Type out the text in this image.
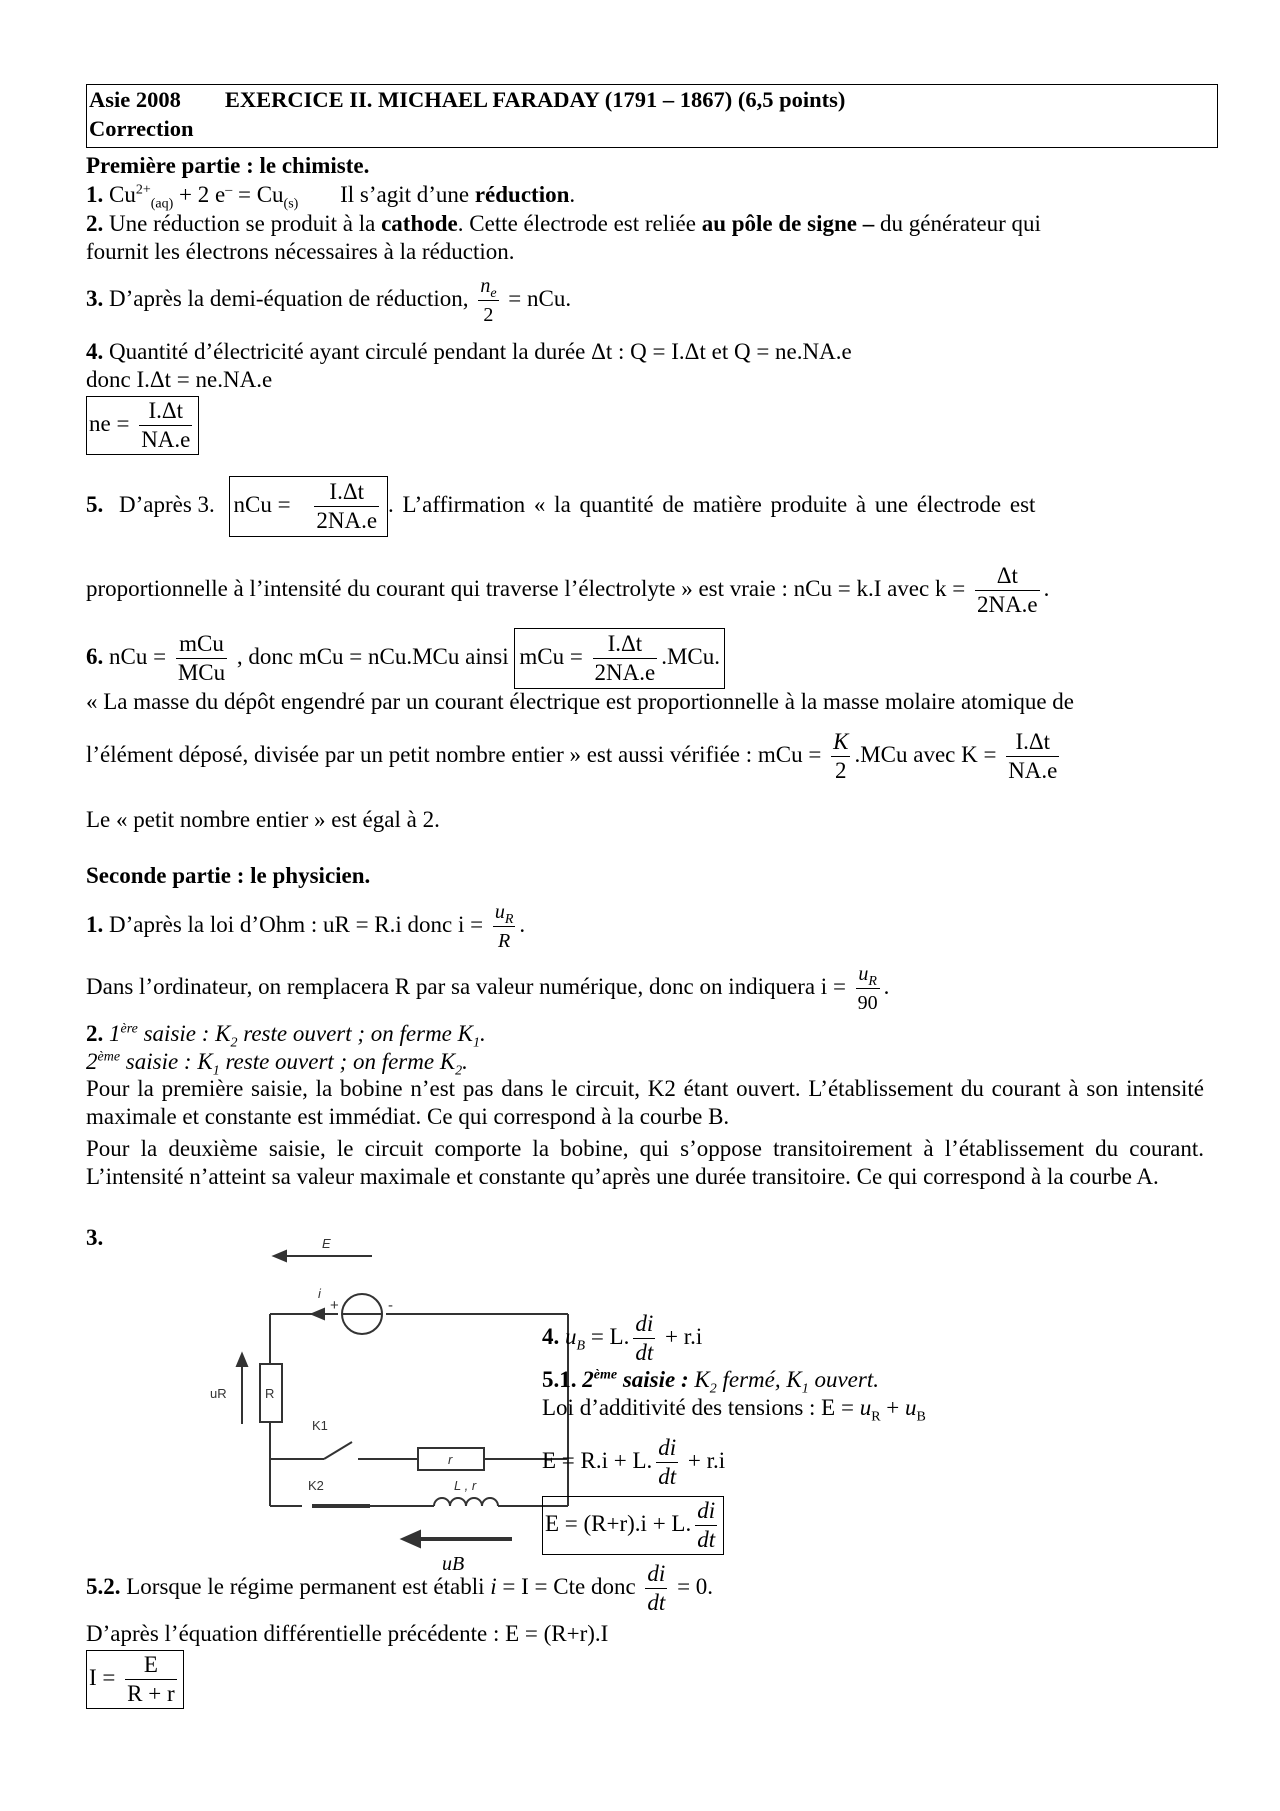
Asie 2008 EXERCICE II. MICHAEL FARADAY (1791 – 1867) (6,5 points)
Correction
Première partie : le chimiste.
1. $Cu^{2+}_{(aq)} + 2$ $e^- = Cu_{(s)}$ Il s’agit d’une réduction.
2. Une réduction se produit à la cathode. Cette électrode est reliée au pôle de signe – du générateur qui
fournit les électrons nécessaires à la réduction.
3. D’après la demi-équation de réduction, $\frac{n_e}{2}$ = nCu.
4. Quantité d’électricité ayant circulé pendant la durée Δt : Q = I.Δt et Q = ne.NA.e
donc I.Δt = ne.NA.e
ne = $\frac{I.\Delta t}{NA.e}$
5. D’après 3. nCu = $\frac{I.\Delta t}{2NA.e}$ . L’affirmation « la quantité de matière produite à une électrode est
proportionnelle à l’intensité du courant qui traverse l’électrolyte » est vraie : nCu = k.I avec $k = \frac{\Delta t}{2NA.e}$ .
6. nCu = $\frac{\text{mCu}}{\text{MCu}}$ , donc mCu = nCu.MCu ainsi mCu = $\frac{I.\Delta t}{2NA.e} .MCu$.
« La masse du dépôt engendré par un courant électrique est proportionnelle à la masse molaire atomique de
l’élément déposé, divisée par un petit nombre entier » est aussi vérifiée : mCu = $\frac{K}{2} .MCu$ avec $K = \frac{I.\Delta t}{NA.e}$
Le « petit nombre entier » est égal à 2.
Seconde partie : le physicien.
1. D’après la loi d’Ohm : uR = R.i donc $i = \frac{u_R}{R}$ .
Dans l’ordinateur, on remplacera R par sa valeur numérique, donc on indiquera $i = \frac{u_R}{90}$ .
2. 1ère saisie : $K_2$ reste ouvert ; on ferme $K_1$.
2ème saisie : $K_1$ reste ouvert ; on ferme $K_2$.
Pour la première saisie, la bobine n’est pas dans le circuit, K2 étant ouvert. L’établissement du courant à son intensité maximale et constante est immédiat. Ce qui correspond à la courbe B.
Pour la deuxième saisie, le circuit comporte la bobine, qui s’oppose transitoirement à l’établissement du courant. L’intensité n’atteint sa valeur maximale et constante qu’après une durée transitoire. Ce qui correspond à la courbe A.
3.	E
i
+	-
uR	R
K1
r
K2	L , r
uB
4. $u_B = L$. $\frac{di}{dt} + r.i$
5.1. 2ème saisie : $K_2$ fermé, $K_1$ ouvert.
Loi d’additivité des tensions : $E = u_R + u_B$
E = R.i + L. $\frac{di}{dt} + r.i$
E = (R+r).i + L. $\frac{di}{dt}$
5.2. Lorsque le régime permanent est établi i = I = Cte donc $\frac{di}{dt} = 0$.
D’après l’équation différentielle précédente : E = (R+r).I
$I = \frac{E}{R + r}$
